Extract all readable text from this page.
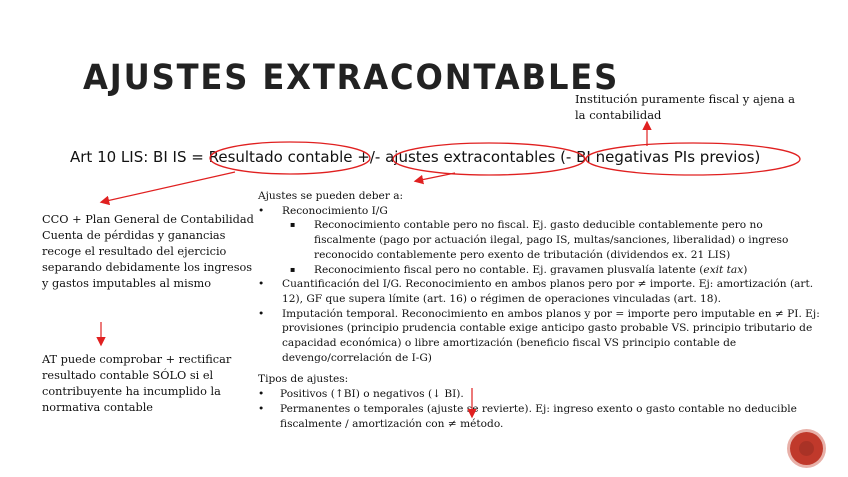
AJUSTES EXTRACONTABLES
Institución puramente fiscal y ajena a la contabilidad
Art 10 LIS: BI IS = Resultado contable +/- ajustes extracontables (- BI negativas PIs previos)
CCO + Plan General de Contabilidad
Cuenta de pérdidas y ganancias recoge el resultado del ejercicio separando debidamente los ingresos y gastos imputables al mismo
AT puede comprobar + rectificar resultado contable SÓLO si el contribuyente ha incumplido la normativa contable
Ajustes se pueden deber a:
• Reconocimiento I/G
▪ Reconocimiento contable pero no fiscal. Ej. gasto deducible contablemente pero no fiscalmente (pago por actuación ilegal, pago IS, multas/sanciones, liberalidad) o ingreso reconocido contablemente pero exento de tributación (dividendos ex. 21 LIS)
▪ Reconocimiento fiscal pero no contable. Ej. gravamen plusvalía latente (exit tax)
• Cuantificación del I/G. Reconocimiento en ambos planos pero por ≠ importe. Ej: amortización (art. 12), GF que supera límite (art. 16) o régimen de operaciones vinculadas (art. 18).
• Imputación temporal. Reconocimiento en ambos planos y por = importe pero imputable en ≠ PI. Ej: provisiones (principio prudencia contable exige anticipo gasto probable VS. principio tributario de capacidad económica) o libre amortización (beneficio fiscal VS principio contable de devengo/correlación de I-G)
Tipos de ajustes:
• Positivos (↑BI) o negativos (↓ BI).
• Permanentes o temporales (ajuste se revierte). Ej: ingreso exento o gasto contable no deducible fiscalmente / amortización con ≠ método.
